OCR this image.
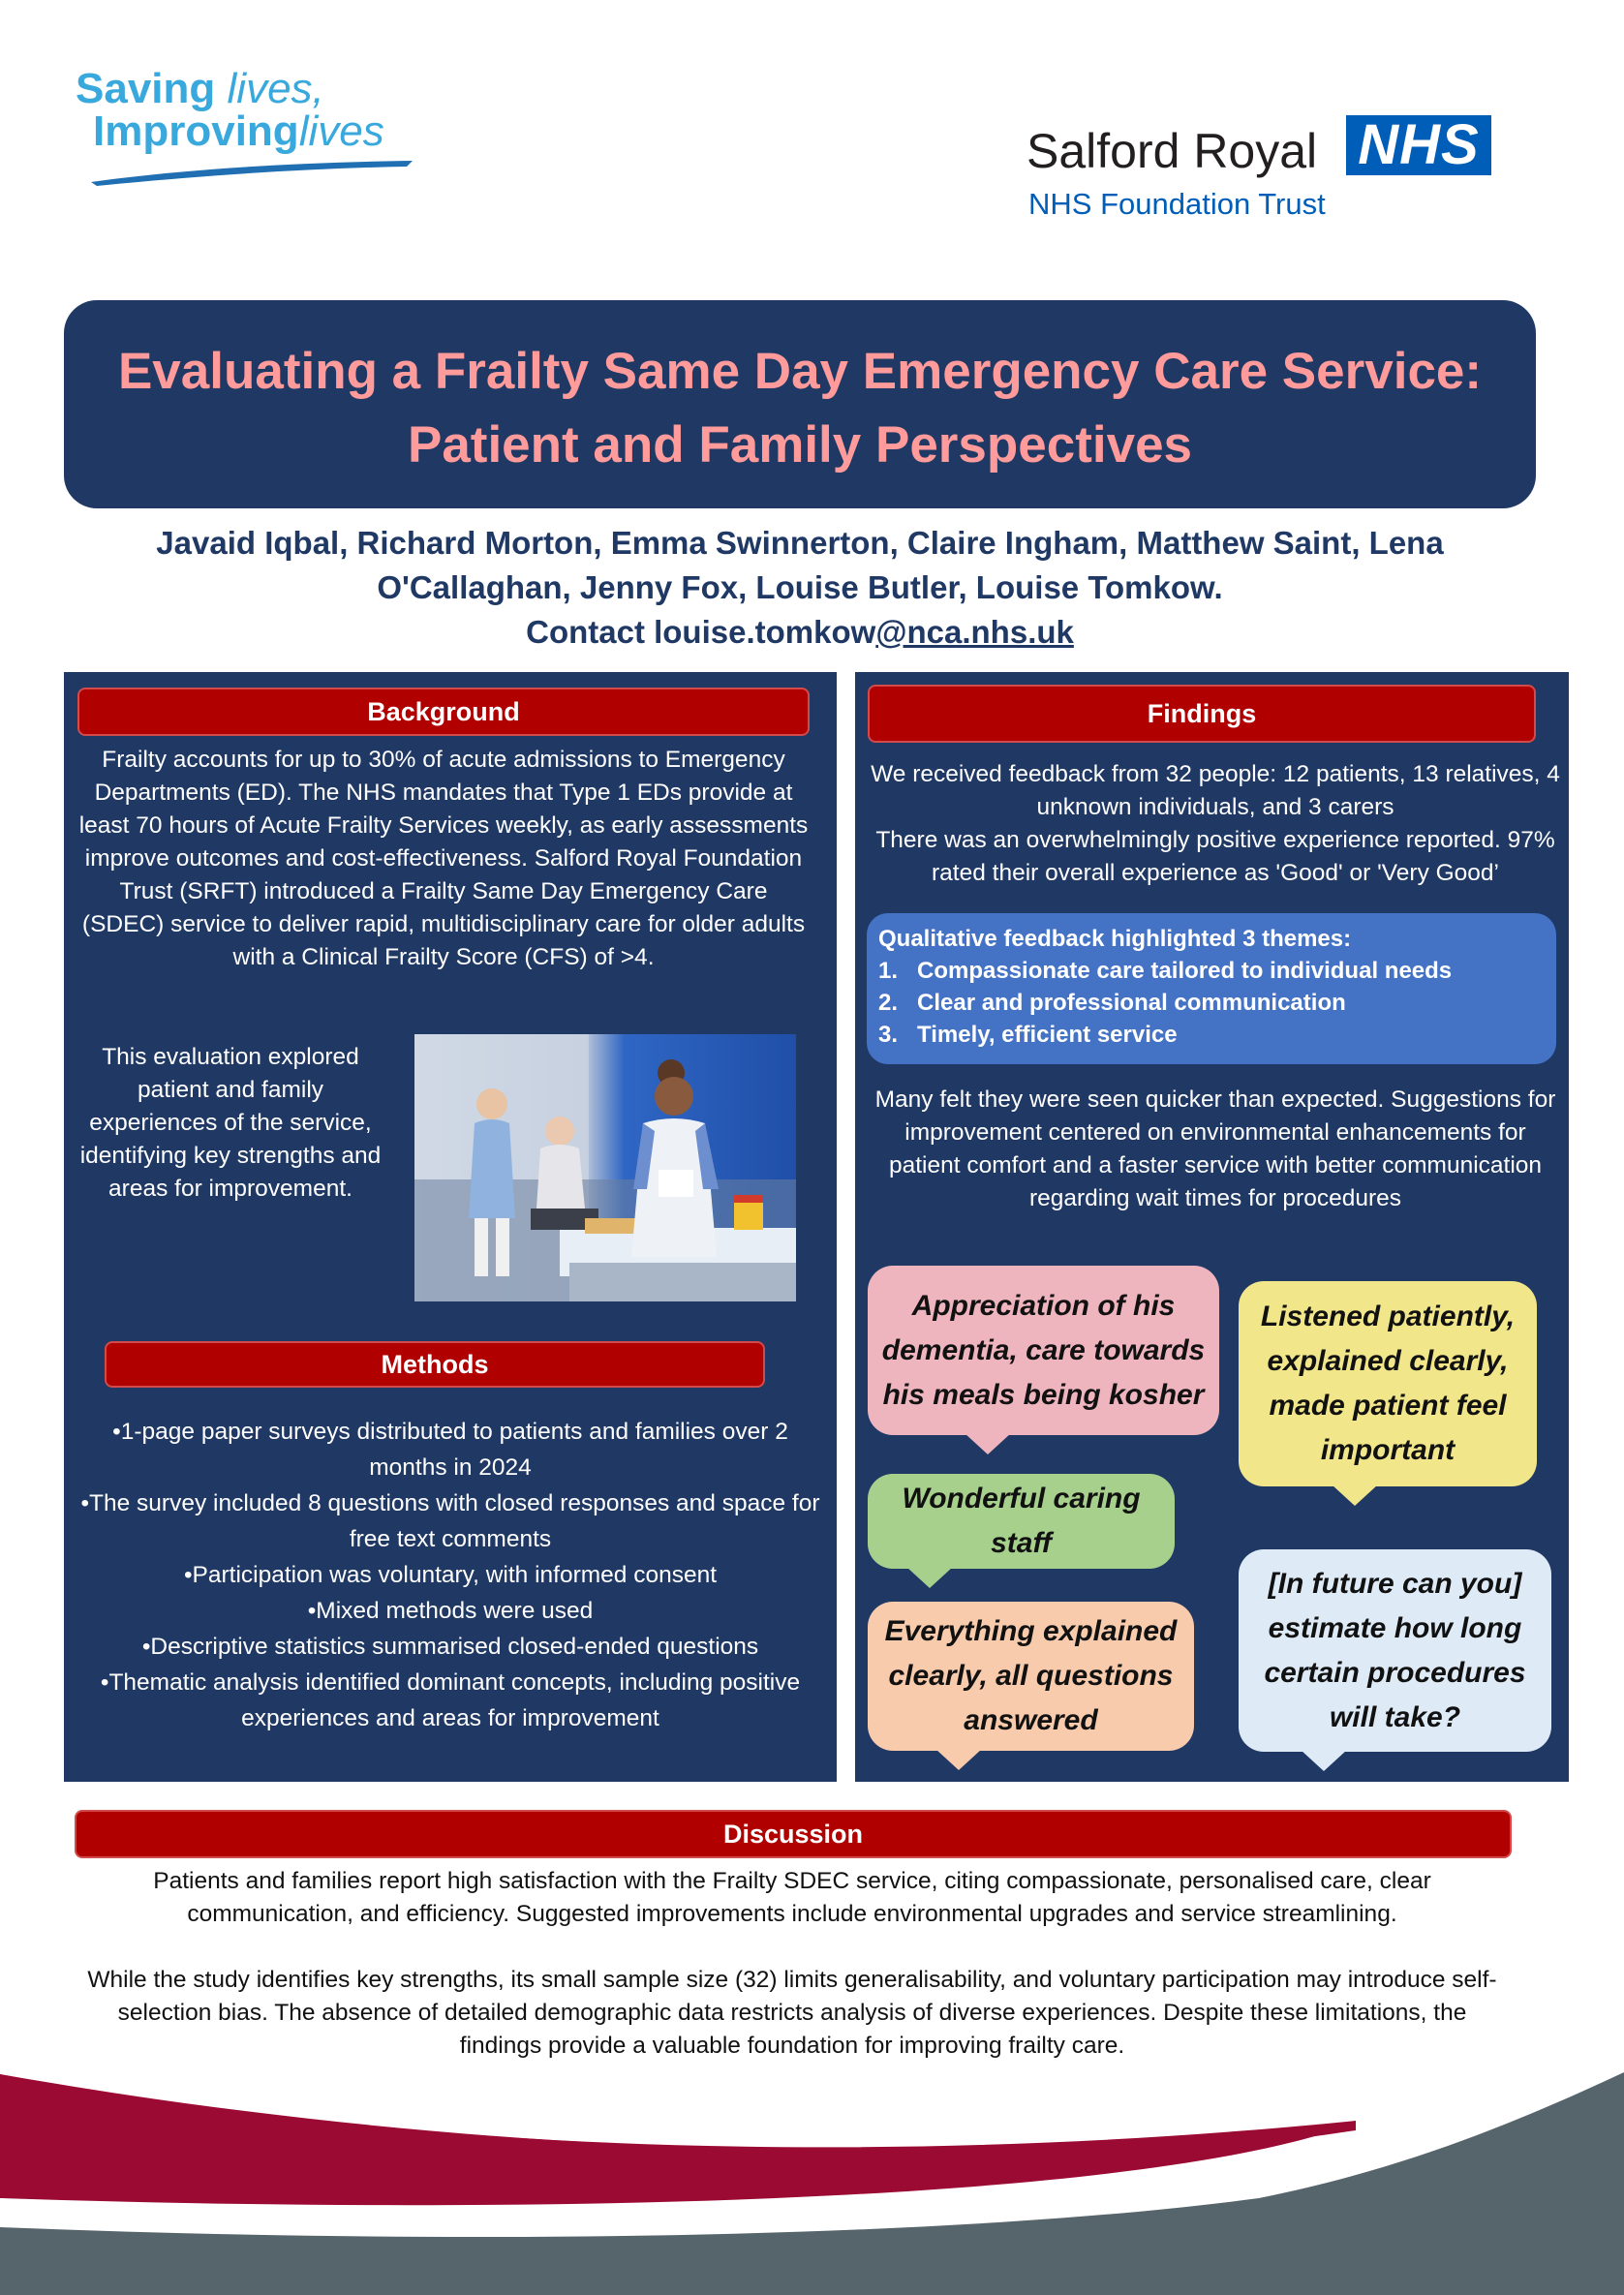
Saving lives,
Improvinglives	Salford Royal NHS
NHS Foundation Trust
Evaluating a Frailty Same Day Emergency Care Service:
Patient and Family Perspectives
Javaid Iqbal, Richard Morton, Emma Swinnerton, Claire Ingham, Matthew Saint, Lena
O'Callaghan, Jenny Fox, Louise Butler, Louise Tomkow.
Contact louise.tomkow@nca.nhs.uk
Background
Frailty accounts for up to 30% of acute admissions to Emergency Departments (ED). The NHS mandates that Type 1 EDs provide at least 70 hours of Acute Frailty Services weekly, as early assessments improve outcomes and cost-effectiveness. Salford Royal Foundation Trust (SRFT) introduced a Frailty Same Day Emergency Care (SDEC) service to deliver rapid, multidisciplinary care for older adults with a Clinical Frailty Score (CFS) of >4.
This evaluation explored patient and family experiences of the service, identifying key strengths and areas for improvement.
Methods
•1-page paper surveys distributed to patients and families over 2 months in 2024
•The survey included 8 questions with closed responses and space for free text comments
•Participation was voluntary, with informed consent
•Mixed methods were used
•Descriptive statistics summarised closed-ended questions
•Thematic analysis identified dominant concepts, including positive experiences and areas for improvement
Findings
We received feedback from 32 people: 12 patients, 13 relatives, 4 unknown individuals, and 3 carers
There was an overwhelmingly positive experience reported. 97% rated their overall experience as 'Good' or 'Very Good’
Qualitative feedback highlighted 3 themes:
1. Compassionate care tailored to individual needs
2. Clear and professional communication
3. Timely, efficient service
Many felt they were seen quicker than expected. Suggestions for improvement centered on environmental enhancements for patient comfort and a faster service with better communication regarding wait times for procedures
Appreciation of his dementia, care towards his meals being kosher
Listened patiently, explained clearly, made patient feel important
Wonderful caring staff
Everything explained clearly, all questions answered
[In future can you] estimate how long certain procedures will take?
Discussion

Patients and families report high satisfaction with the Frailty SDEC service, citing compassionate, personalised care, clear communication, and efficiency. Suggested improvements include environmental upgrades and service streamlining.

While the study identifies key strengths, its small sample size (32) limits generalisability, and voluntary participation may introduce self-selection bias. The absence of detailed demographic data restricts analysis of diverse experiences. Despite these limitations, the findings provide a valuable foundation for improving frailty care.
